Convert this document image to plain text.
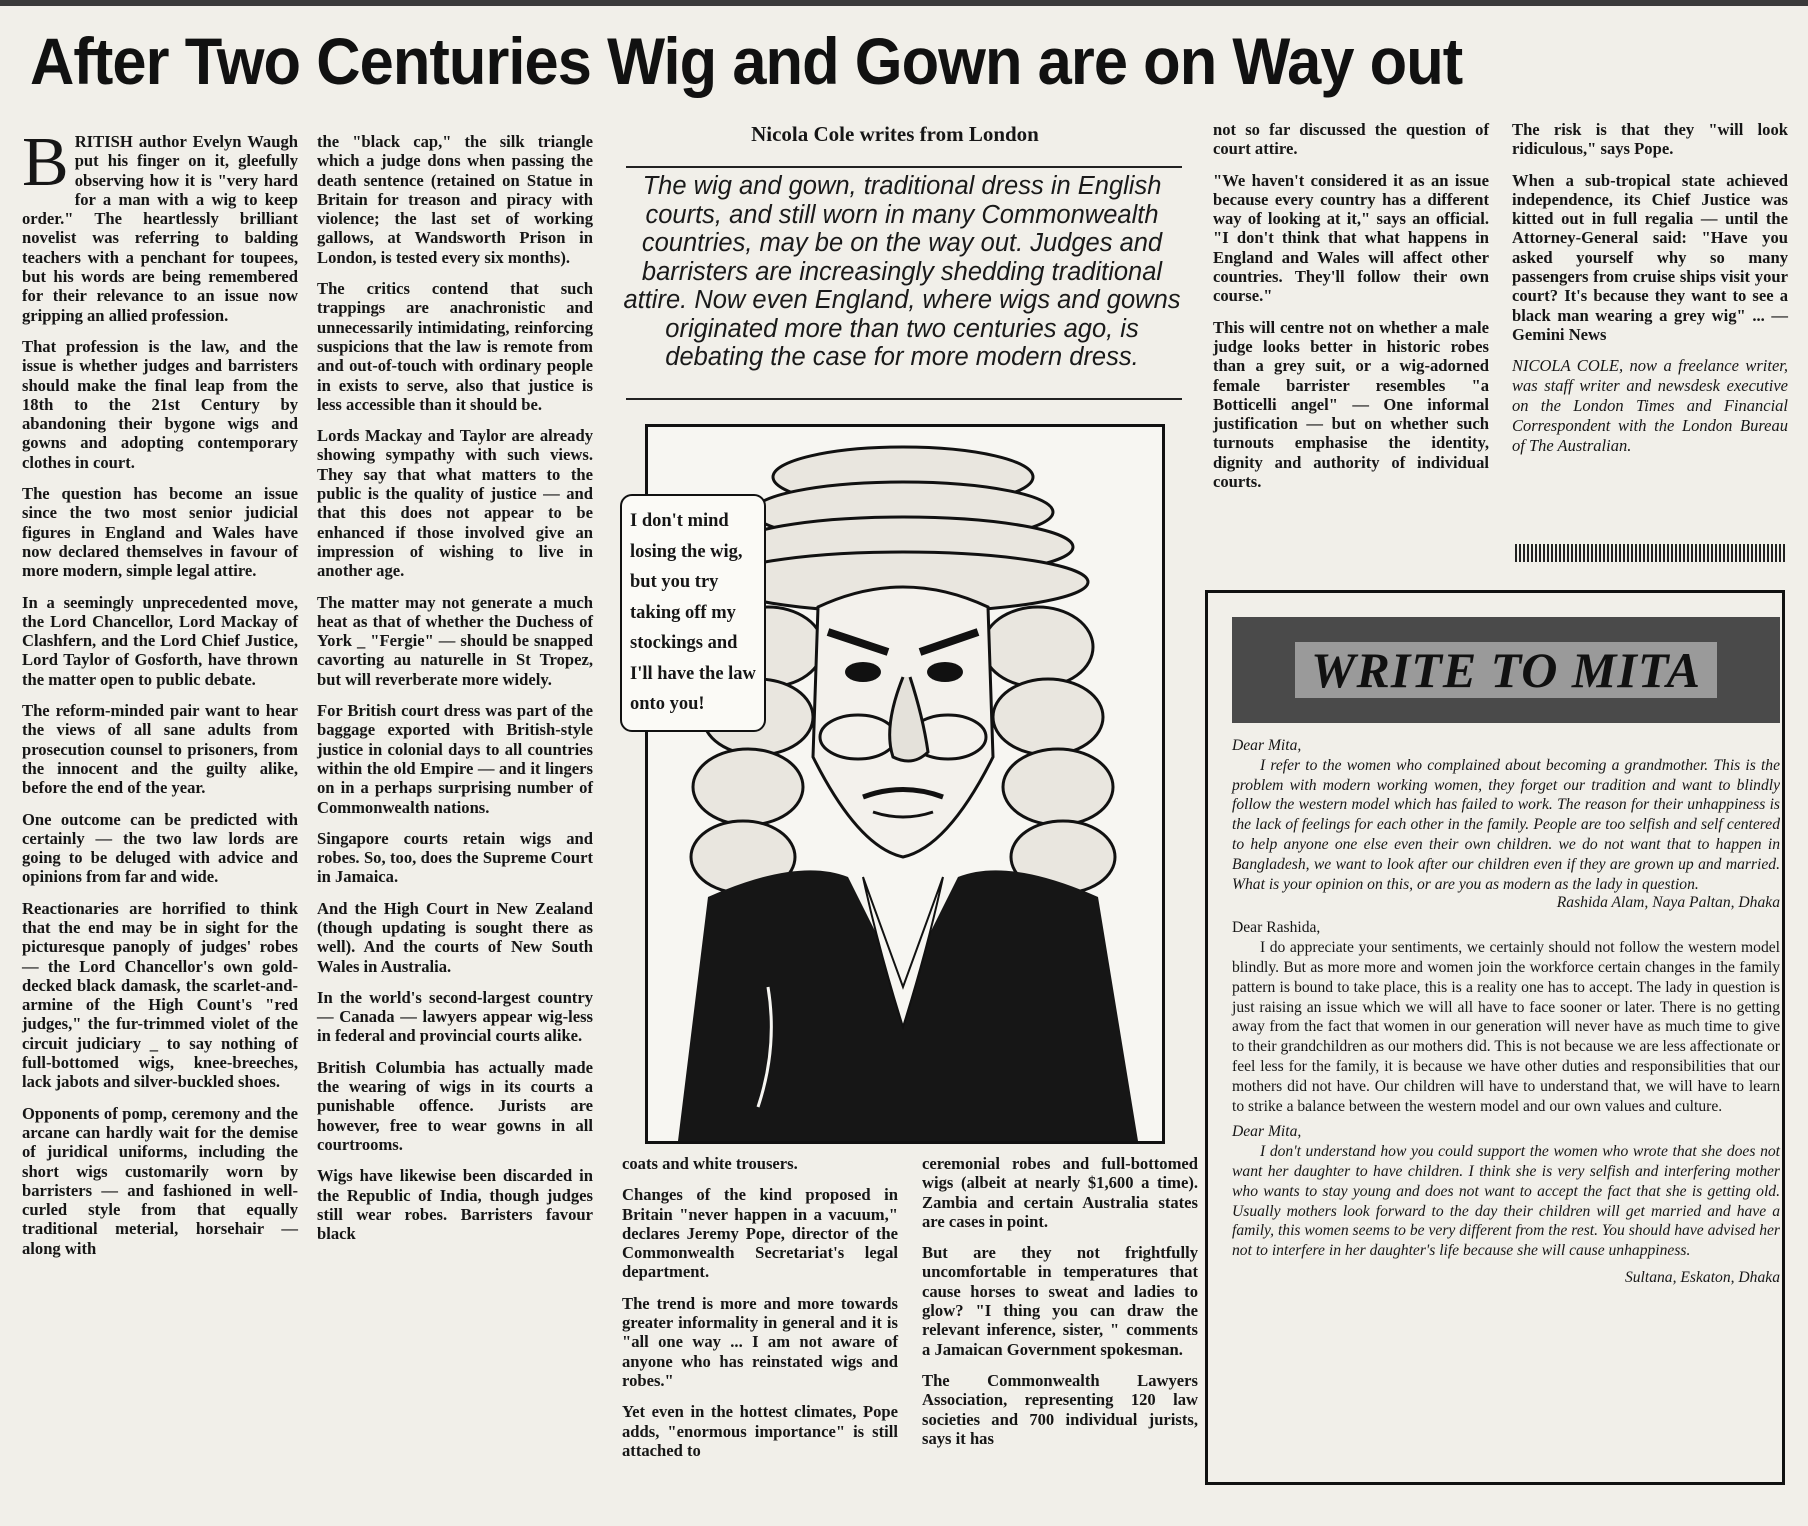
After Two Centuries Wig and Gown are on Way out

BRITISH author Evelyn Waugh put his finger on it, gleefully observing how it is "very hard for a man with a wig to keep order." The heartlessly brilliant novelist was referring to balding teachers with a penchant for toupees, but his words are being remembered for their relevance to an issue now gripping an allied profession.

That profession is the law, and the issue is whether judges and barristers should make the final leap from the 18th to the 21st Century by abandoning their bygone wigs and gowns and adopting contemporary clothes in court.

The question has become an issue since the two most senior judicial figures in England and Wales have now declared themselves in favour of more modern, simple legal attire.

In a seemingly unprecedented move, the Lord Chancellor, Lord Mackay of Clashfern, and the Lord Chief Justice, Lord Taylor of Gosforth, have thrown the matter open to public debate.

The reform-minded pair want to hear the views of all sane adults from prosecution counsel to prisoners, from the innocent and the guilty alike, before the end of the year.

One outcome can be predicted with certainly — the two law lords are going to be deluged with advice and opinions from far and wide.

Reactionaries are horrified to think that the end may be in sight for the picturesque panoply of judges' robes — the Lord Chancellor's own gold-decked black damask, the scarlet-and-armine of the High Count's "red judges," the fur-trimmed violet of the circuit judiciary _ to say nothing of full-bottomed wigs, knee-breeches, lack jabots and silver-buckled shoes.

Opponents of pomp, ceremony and the arcane can hardly wait for the demise of juridical uniforms, including the short wigs customarily worn by barristers — and fashioned in well-curled style from that equally traditional meterial, horsehair — along with

the "black cap," the silk triangle which a judge dons when passing the death sentence (retained on Statue in Britain for treason and piracy with violence; the last set of working gallows, at Wandsworth Prison in London, is tested every six months).

The critics contend that such trappings are anachronistic and unnecessarily intimidating, reinforcing suspicions that the law is remote from and out-of-touch with ordinary people in exists to serve, also that justice is less accessible than it should be.

Lords Mackay and Taylor are already showing sympathy with such views. They say that what matters to the public is the quality of justice — and that this does not appear to be enhanced if those involved give an impression of wishing to live in another age.

The matter may not generate a much heat as that of whether the Duchess of York _ "Fergie" — should be snapped cavorting au naturelle in St Tropez, but will reverberate more widely.

For British court dress was part of the baggage exported with British-style justice in colonial days to all countries within the old Empire — and it lingers on in a perhaps surprising number of Commonwealth nations.

Singapore courts retain wigs and robes. So, too, does the Supreme Court in Jamaica.

And the High Court in New Zealand (though updating is sought there as well). And the courts of New South Wales in Australia.

In the world's second-largest country — Canada — lawyers appear wig-less in federal and provincial courts alike.

British Columbia has actually made the wearing of wigs in its courts a punishable offence. Jurists are however, free to wear gowns in all courtrooms.

Wigs have likewise been discarded in the Republic of India, though judges still wear robes. Barristers favour black

Nicola Cole writes from London
The wig and gown, traditional dress in English courts, and still worn in many Commonwealth countries, may be on the way out. Judges and barristers are increasingly shedding traditional attire. Now even England, where wigs and gowns originated more than two centuries ago, is debating the case for more modern dress.
I don't mind losing the wig, but you try taking off my stockings and I'll have the law onto you!

coats and white trousers.

Changes of the kind proposed in Britain "never happen in a vacuum," declares Jeremy Pope, director of the Commonwealth Secretariat's legal department.

The trend is more and more towards greater informality in general and it is "all one way ... I am not aware of anyone who has reinstated wigs and robes."

Yet even in the hottest climates, Pope adds, "enormous importance" is still attached to

ceremonial robes and full-bottomed wigs (albeit at nearly $1,600 a time). Zambia and certain Australia states are cases in point.

But are they not frightfully uncomfortable in temperatures that cause horses to sweat and ladies to glow? "I thing you can draw the relevant inference, sister, " comments a Jamaican Government spokesman.

The Commonwealth Lawyers Association, representing 120 law societies and 700 individual jurists, says it has

not so far discussed the question of court attire.

"We haven't considered it as an issue because every country has a different way of looking at it," says an official. "I don't think that what happens in England and Wales will affect other countries. They'll follow their own course."

This will centre not on whether a male judge looks better in historic robes than a grey suit, or a wig-adorned female barrister resembles "a Botticelli angel" — One informal justification — but on whether such turnouts emphasise the identity, dignity and authority of individual courts.

The risk is that they "will look ridiculous," says Pope.

When a sub-tropical state achieved independence, its Chief Justice was kitted out in full regalia — until the Attorney-General said: "Have you asked yourself why so many passengers from cruise ships visit your court? It's because they want to see a black man wearing a grey wig" ... — Gemini News

NICOLA COLE, now a freelance writer, was staff writer and newsdesk executive on the London Times and Financial Correspondent with the London Bureau of The Australian.

WRITE TO MITA
Dear Mita,
I refer to the women who complained about becoming a grandmother. This is the problem with modern working women, they forget our tradition and want to blindly follow the western model which has failed to work. The reason for their unhappiness is the lack of feelings for each other in the family. People are too selfish and self centered to help anyone one else even their own children. we do not want that to happen in Bangladesh, we want to look after our children even if they are grown up and married. What is your opinion on this, or are you as modern as the lady in question.
Rashida Alam, Naya Paltan, Dhaka
Dear Rashida,
I do appreciate your sentiments, we certainly should not follow the western model blindly. But as more more and women join the workforce certain changes in the family pattern is bound to take place, this is a reality one has to accept. The lady in question is just raising an issue which we will all have to face sooner or later. There is no getting away from the fact that women in our generation will never have as much time to give to their grandchildren as our mothers did. This is not because we are less affectionate or feel less for the family, it is because we have other duties and responsibilities that our mothers did not have. Our children will have to understand that, we will have to learn to strike a balance between the western model and our own values and culture.
Dear Mita,
I don't understand how you could support the women who wrote that she does not want her daughter to have children. I think she is very selfish and interfering mother who wants to stay young and does not want to accept the fact that she is getting old. Usually mothers look forward to the day their children will get married and have a family, this women seems to be very different from the rest. You should have advised her not to interfere in her daughter's life because she will cause unhappiness.
Sultana, Eskaton, Dhaka
